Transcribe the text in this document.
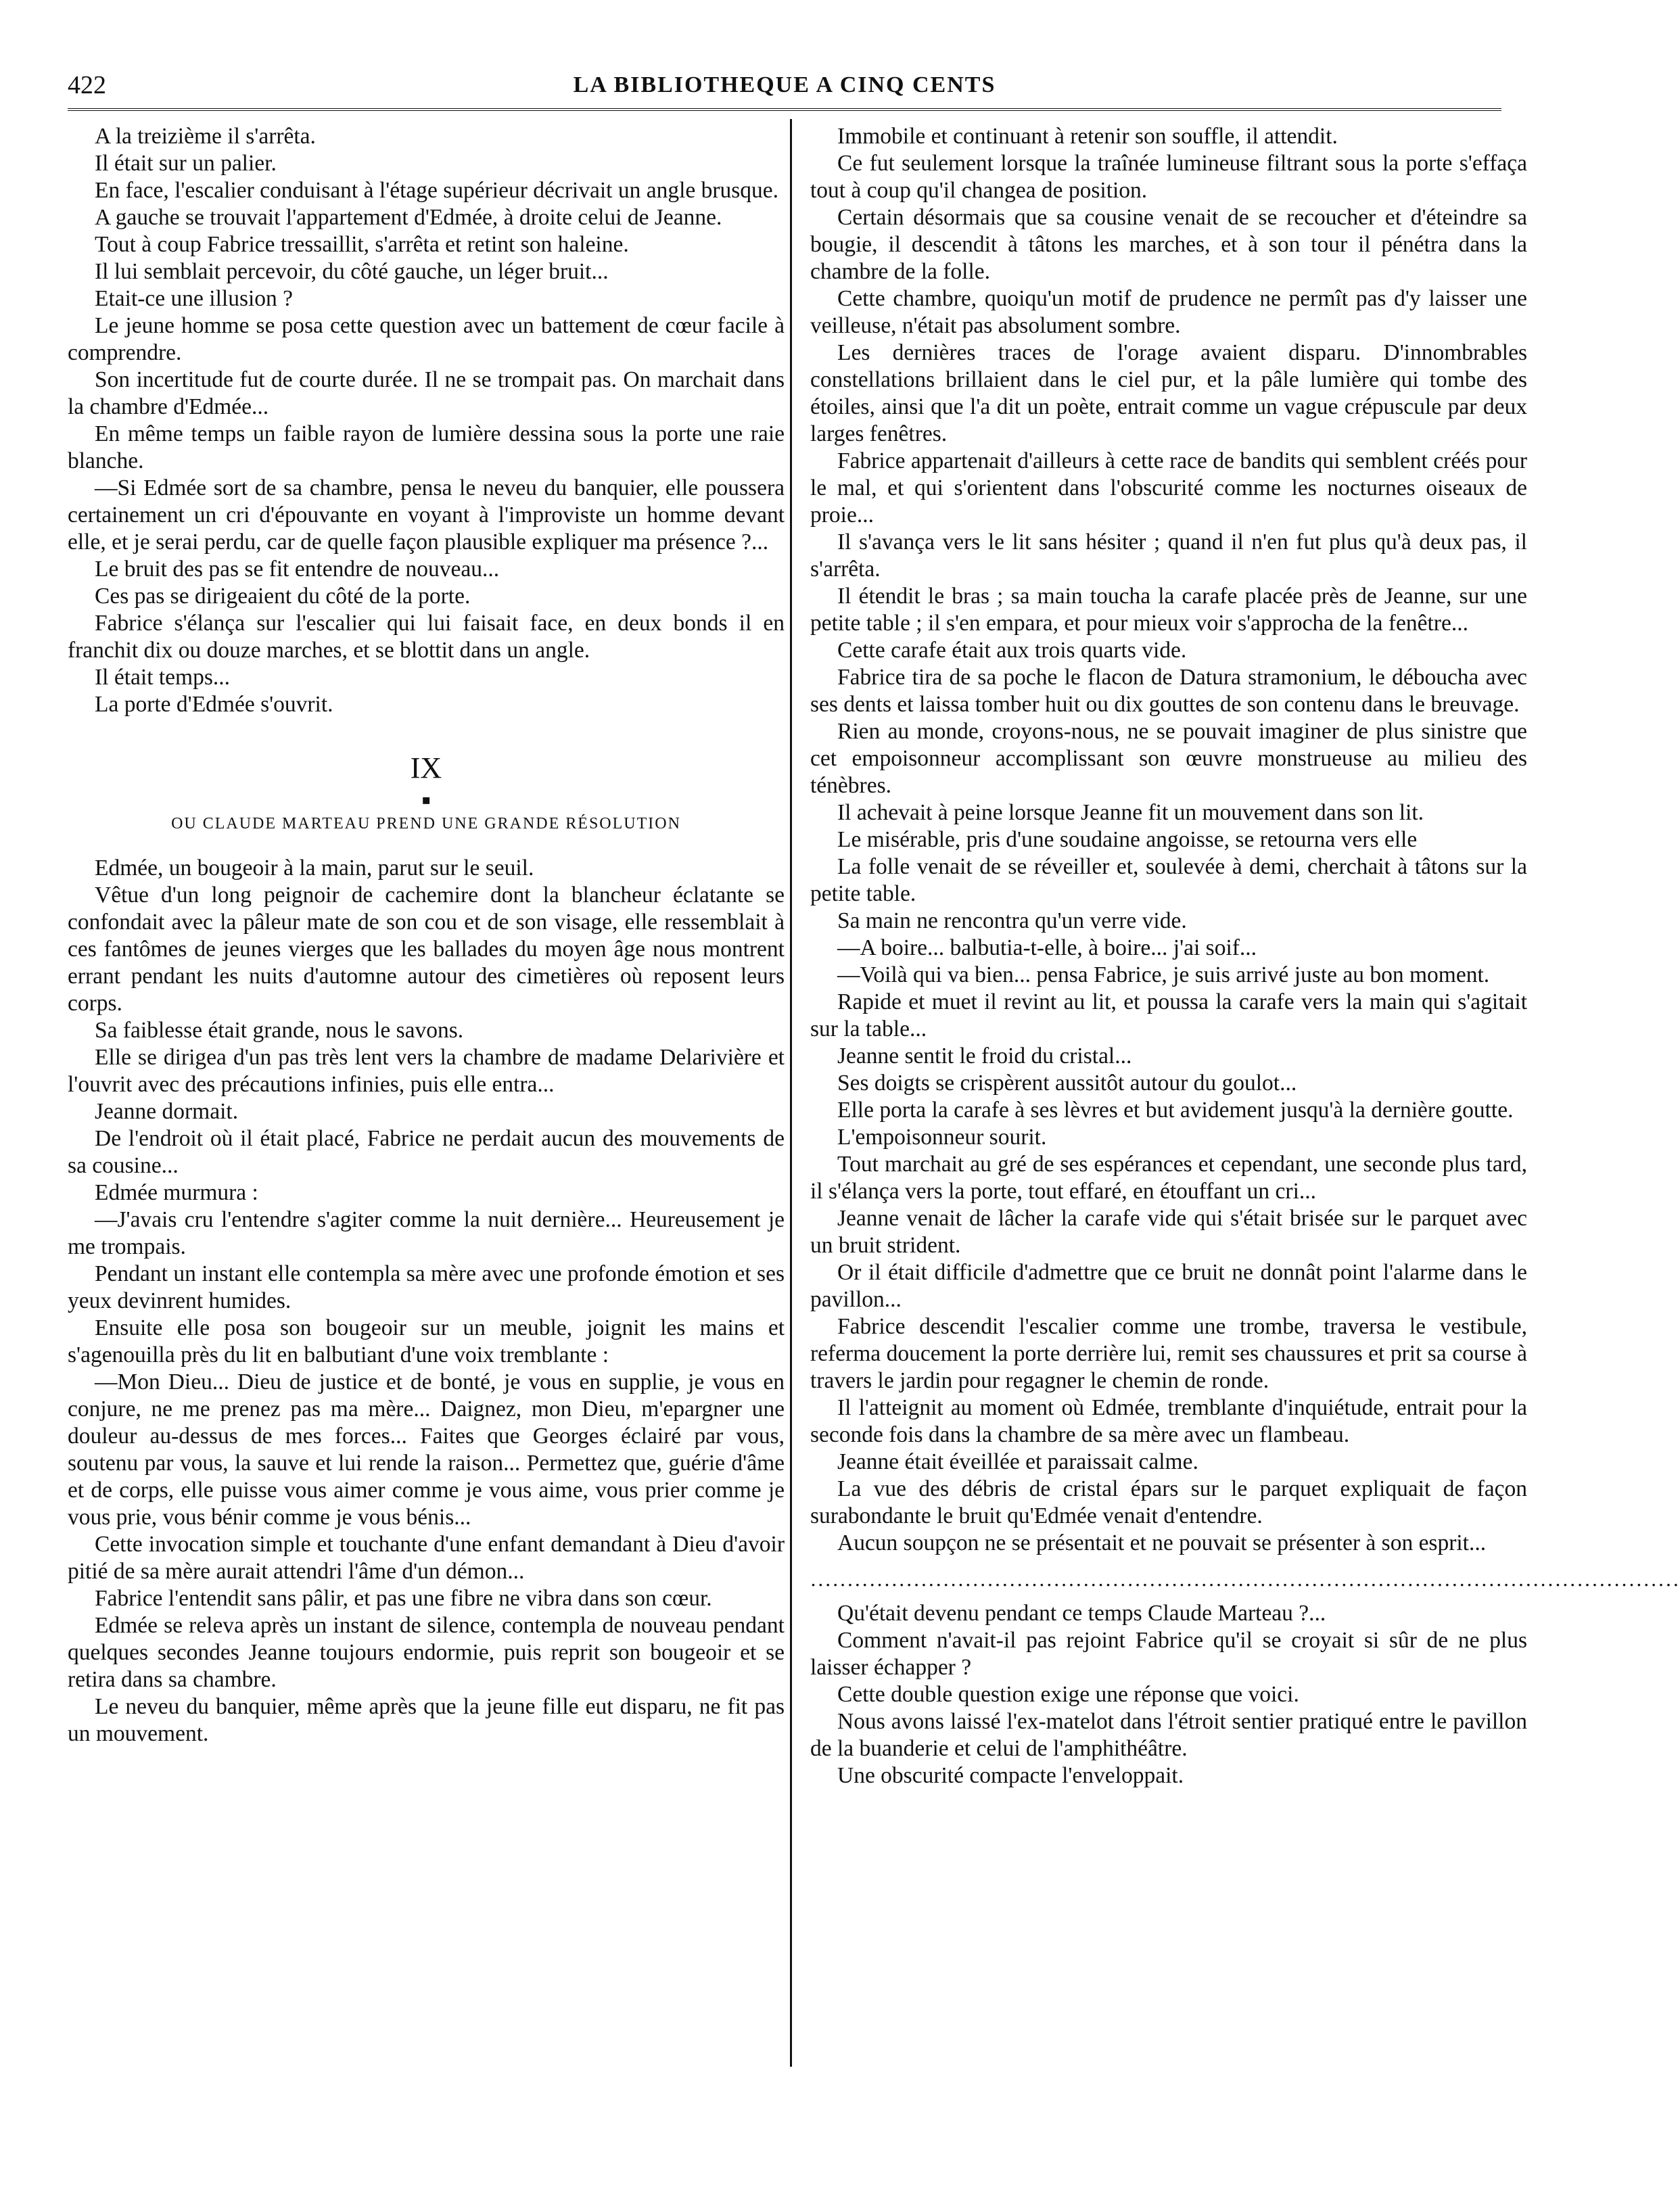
422	LA BIBLIOTHEQUE A CINQ CENTS

A la treizième il s'arrêta.

Il était sur un palier.

En face, l'escalier conduisant à l'étage supérieur décrivait un angle brusque.

A gauche se trouvait l'appartement d'Edmée, à droite celui de Jeanne.

Tout à coup Fabrice tressaillit, s'arrêta et retint son haleine.

Il lui semblait percevoir, du côté gauche, un léger bruit...

Etait-ce une illusion ?

Le jeune homme se posa cette question avec un battement de cœur facile à comprendre.

Son incertitude fut de courte durée. Il ne se trompait pas. On marchait dans la chambre d'Edmée...

En même temps un faible rayon de lumière dessina sous la porte une raie blanche.

—Si Edmée sort de sa chambre, pensa le neveu du banquier, elle poussera certainement un cri d'épouvante en voyant à l'improviste un homme devant elle, et je serai perdu, car de quelle façon plausible expliquer ma présence ?...

Le bruit des pas se fit entendre de nouveau...

Ces pas se dirigeaient du côté de la porte.

Fabrice s'élança sur l'escalier qui lui faisait face, en deux bonds il en franchit dix ou douze marches, et se blottit dans un angle.

Il était temps...

La porte d'Edmée s'ouvrit.

IX
▪
OU CLAUDE MARTEAU PREND UNE GRANDE RÉSOLUTION

Edmée, un bougeoir à la main, parut sur le seuil.

Vêtue d'un long peignoir de cachemire dont la blancheur éclatante se confondait avec la pâleur mate de son cou et de son visage, elle ressemblait à ces fantômes de jeunes vierges que les ballades du moyen âge nous montrent errant pendant les nuits d'automne autour des cimetières où reposent leurs corps.

Sa faiblesse était grande, nous le savons.

Elle se dirigea d'un pas très lent vers la chambre de madame Delarivière et l'ouvrit avec des précautions infinies, puis elle entra...

Jeanne dormait.

De l'endroit où il était placé, Fabrice ne perdait aucun des mouvements de sa cousine...

Edmée murmura :

—J'avais cru l'entendre s'agiter comme la nuit dernière... Heureusement je me trompais.

Pendant un instant elle contempla sa mère avec une profonde émotion et ses yeux devinrent humides.

Ensuite elle posa son bougeoir sur un meuble, joignit les mains et s'agenouilla près du lit en balbutiant d'une voix tremblante :

—Mon Dieu... Dieu de justice et de bonté, je vous en supplie, je vous en conjure, ne me prenez pas ma mère... Daignez, mon Dieu, m'epargner une douleur au-dessus de mes forces... Faites que Georges éclairé par vous, soutenu par vous, la sauve et lui rende la raison... Permettez que, guérie d'âme et de corps, elle puisse vous aimer comme je vous aime, vous prier comme je vous prie, vous bénir comme je vous bénis...

Cette invocation simple et touchante d'une enfant demandant à Dieu d'avoir pitié de sa mère aurait attendri l'âme d'un démon...

Fabrice l'entendit sans pâlir, et pas une fibre ne vibra dans son cœur.

Edmée se releva après un instant de silence, contempla de nouveau pendant quelques secondes Jeanne toujours endormie, puis reprit son bougeoir et se retira dans sa chambre.

Le neveu du banquier, même après que la jeune fille eut disparu, ne fit pas un mouvement.

Immobile et continuant à retenir son souffle, il attendit.

Ce fut seulement lorsque la traînée lumineuse filtrant sous la porte s'effaça tout à coup qu'il changea de position.

Certain désormais que sa cousine venait de se recoucher et d'éteindre sa bougie, il descendit à tâtons les marches, et à son tour il pénétra dans la chambre de la folle.

Cette chambre, quoiqu'un motif de prudence ne permît pas d'y laisser une veilleuse, n'était pas absolument sombre.

Les dernières traces de l'orage avaient disparu. D'innombrables constellations brillaient dans le ciel pur, et la pâle lumière qui tombe des étoiles, ainsi que l'a dit un poète, entrait comme un vague crépuscule par deux larges fenêtres.

Fabrice appartenait d'ailleurs à cette race de bandits qui semblent créés pour le mal, et qui s'orientent dans l'obscurité comme les nocturnes oiseaux de proie...

Il s'avança vers le lit sans hésiter ; quand il n'en fut plus qu'à deux pas, il s'arrêta.

Il étendit le bras ; sa main toucha la carafe placée près de Jeanne, sur une petite table ; il s'en empara, et pour mieux voir s'approcha de la fenêtre...

Cette carafe était aux trois quarts vide.

Fabrice tira de sa poche le flacon de Datura stramonium, le déboucha avec ses dents et laissa tomber huit ou dix gouttes de son contenu dans le breuvage.

Rien au monde, croyons-nous, ne se pouvait imaginer de plus sinistre que cet empoisonneur accomplissant son œuvre monstrueuse au milieu des ténèbres.

Il achevait à peine lorsque Jeanne fit un mouvement dans son lit.

Le misérable, pris d'une soudaine angoisse, se retourna vers elle

La folle venait de se réveiller et, soulevée à demi, cherchait à tâtons sur la petite table.

Sa main ne rencontra qu'un verre vide.

—A boire... balbutia-t-elle, à boire... j'ai soif...

—Voilà qui va bien... pensa Fabrice, je suis arrivé juste au bon moment.

Rapide et muet il revint au lit, et poussa la carafe vers la main qui s'agitait sur la table...

Jeanne sentit le froid du cristal...

Ses doigts se crispèrent aussitôt autour du goulot...

Elle porta la carafe à ses lèvres et but avidement jusqu'à la dernière goutte.

L'empoisonneur sourit.

Tout marchait au gré de ses espérances et cependant, une seconde plus tard, il s'élança vers la porte, tout effaré, en étouffant un cri...

Jeanne venait de lâcher la carafe vide qui s'était brisée sur le parquet avec un bruit strident.

Or il était difficile d'admettre que ce bruit ne donnât point l'alarme dans le pavillon...

Fabrice descendit l'escalier comme une trombe, traversa le vestibule, referma doucement la porte derrière lui, remit ses chaussures et prit sa course à travers le jardin pour regagner le chemin de ronde.

Il l'atteignit au moment où Edmée, tremblante d'inquiétude, entrait pour la seconde fois dans la chambre de sa mère avec un flambeau.

Jeanne était éveillée et paraissait calme.

La vue des débris de cristal épars sur le parquet expliquait de façon surabondante le bruit qu'Edmée venait d'entendre.

Aucun soupçon ne se présentait et ne pouvait se présenter à son esprit...

......................................................................................................................

Qu'était devenu pendant ce temps Claude Marteau ?...

Comment n'avait-il pas rejoint Fabrice qu'il se croyait si sûr de ne plus laisser échapper ?

Cette double question exige une réponse que voici.

Nous avons laissé l'ex-matelot dans l'étroit sentier pratiqué entre le pavillon de la buanderie et celui de l'amphithéâtre.

Une obscurité compacte l'enveloppait.
